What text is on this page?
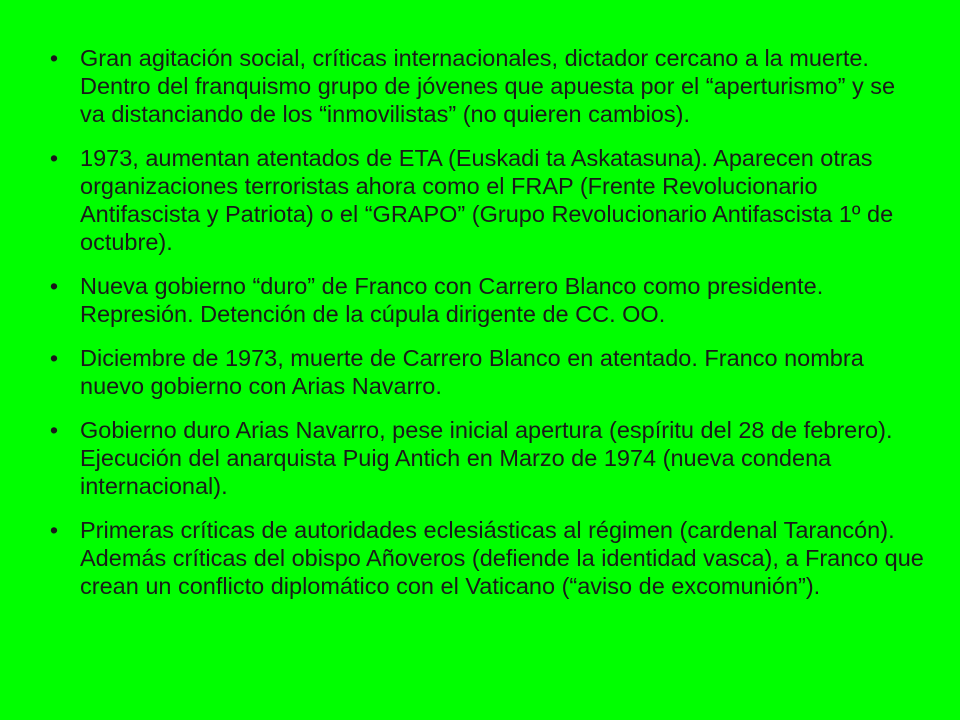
• Gran agitación social, críticas internacionales, dictador cercano a la muerte. Dentro del franquismo grupo de jóvenes que apuesta por el “aperturismo” y se va distanciando de los “inmovilistas” (no quieren cambios).
• 1973, aumentan atentados de ETA (Euskadi ta Askatasuna). Aparecen otras organizaciones terroristas ahora como el FRAP (Frente Revolucionario Antifascista y Patriota) o el “GRAPO” (Grupo Revolucionario Antifascista 1º de octubre).
• Nueva gobierno “duro” de Franco con Carrero Blanco como presidente. Represión. Detención de la cúpula dirigente de CC. OO.
• Diciembre de 1973, muerte de Carrero Blanco en atentado. Franco nombra nuevo gobierno con Arias Navarro.
• Gobierno duro Arias Navarro, pese inicial apertura (espíritu del 28 de febrero). Ejecución del anarquista Puig Antich en Marzo de 1974 (nueva condena internacional).
• Primeras críticas de autoridades eclesiásticas al régimen (cardenal Tarancón). Además críticas del obispo Añoveros (defiende la identidad vasca), a Franco que crean un conflicto diplomático con el Vaticano (“aviso de excomunión”).
